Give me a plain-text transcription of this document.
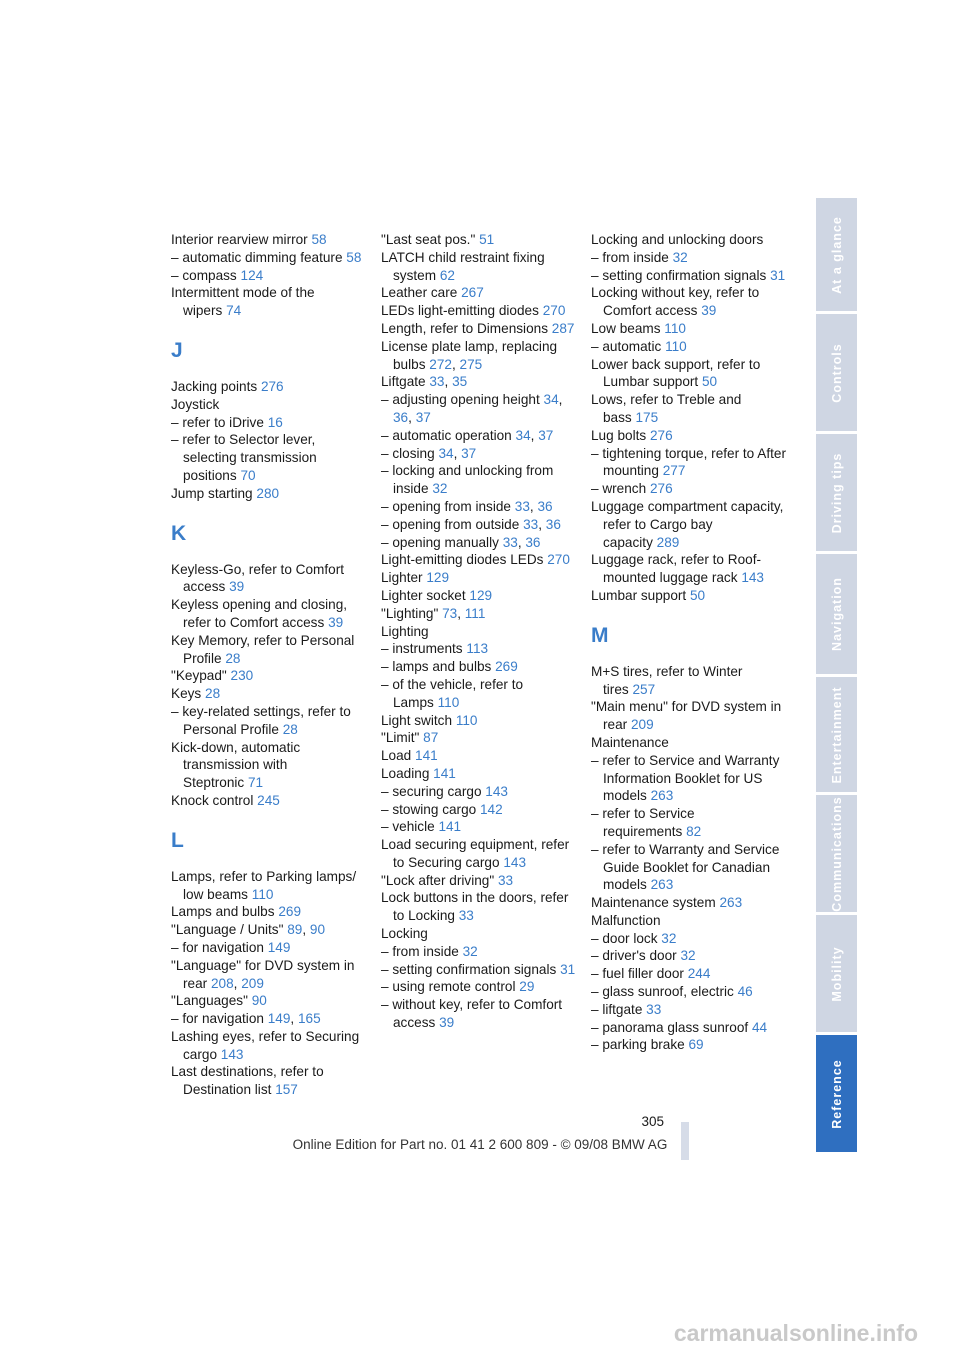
Interior rearview mirror 58
– automatic dimming feature 58
– compass 124
Intermittent mode of the wipers 74
J
Jacking points 276
Joystick
– refer to iDrive 16
– refer to Selector lever, selecting transmission positions 70
Jump starting 280
K
Keyless-Go, refer to Comfort access 39
Keyless opening and closing, refer to Comfort access 39
Key Memory, refer to Personal Profile 28
"Keypad" 230
Keys 28
– key-related settings, refer to Personal Profile 28
Kick-down, automatic transmission with Steptronic 71
Knock control 245
L
Lamps, refer to Parking lamps/ low beams 110
Lamps and bulbs 269
"Language / Units" 89, 90
– for navigation 149
"Language" for DVD system in rear 208, 209
"Languages" 90
– for navigation 149, 165
Lashing eyes, refer to Securing cargo 143
Last destinations, refer to Destination list 157
"Last seat pos." 51
LATCH child restraint fixing system 62
Leather care 267
LEDs light-emitting diodes 270
Length, refer to Dimensions 287
License plate lamp, replacing bulbs 272, 275
Liftgate 33, 35
– adjusting opening height 34, 36, 37
– automatic operation 34, 37
– closing 34, 37
– locking and unlocking from inside 32
– opening from inside 33, 36
– opening from outside 33, 36
– opening manually 33, 36
Light-emitting diodes LEDs 270
Lighter 129
Lighter socket 129
"Lighting" 73, 111
Lighting
– instruments 113
– lamps and bulbs 269
– of the vehicle, refer to Lamps 110
Light switch 110
"Limit" 87
Load 141
Loading 141
– securing cargo 143
– stowing cargo 142
– vehicle 141
Load securing equipment, refer to Securing cargo 143
"Lock after driving" 33
Lock buttons in the doors, refer to Locking 33
Locking
– from inside 32
– setting confirmation signals 31
– using remote control 29
– without key, refer to Comfort access 39
Locking and unlocking doors
– from inside 32
– setting confirmation signals 31
Locking without key, refer to Comfort access 39
Low beams 110
– automatic 110
Lower back support, refer to Lumbar support 50
Lows, refer to Treble and bass 175
Lug bolts 276
– tightening torque, refer to After mounting 277
– wrench 276
Luggage compartment capacity, refer to Cargo bay capacity 289
Luggage rack, refer to Roof-mounted luggage rack 143
Lumbar support 50
M
M+S tires, refer to Winter tires 257
"Main menu" for DVD system in rear 209
Maintenance
– refer to Service and Warranty Information Booklet for US models 263
– refer to Service requirements 82
– refer to Warranty and Service Guide Booklet for Canadian models 263
Maintenance system 263
Malfunction
– door lock 32
– driver's door 32
– fuel filler door 244
– glass sunroof, electric 46
– liftgate 33
– panorama glass sunroof 44
– parking brake 69
At a glance
Controls
Driving tips
Navigation
Entertainment
Communications
Mobility
Reference
305
Online Edition for Part no. 01 41 2 600 809 - © 09/08 BMW AG
carmanualsonline.info
